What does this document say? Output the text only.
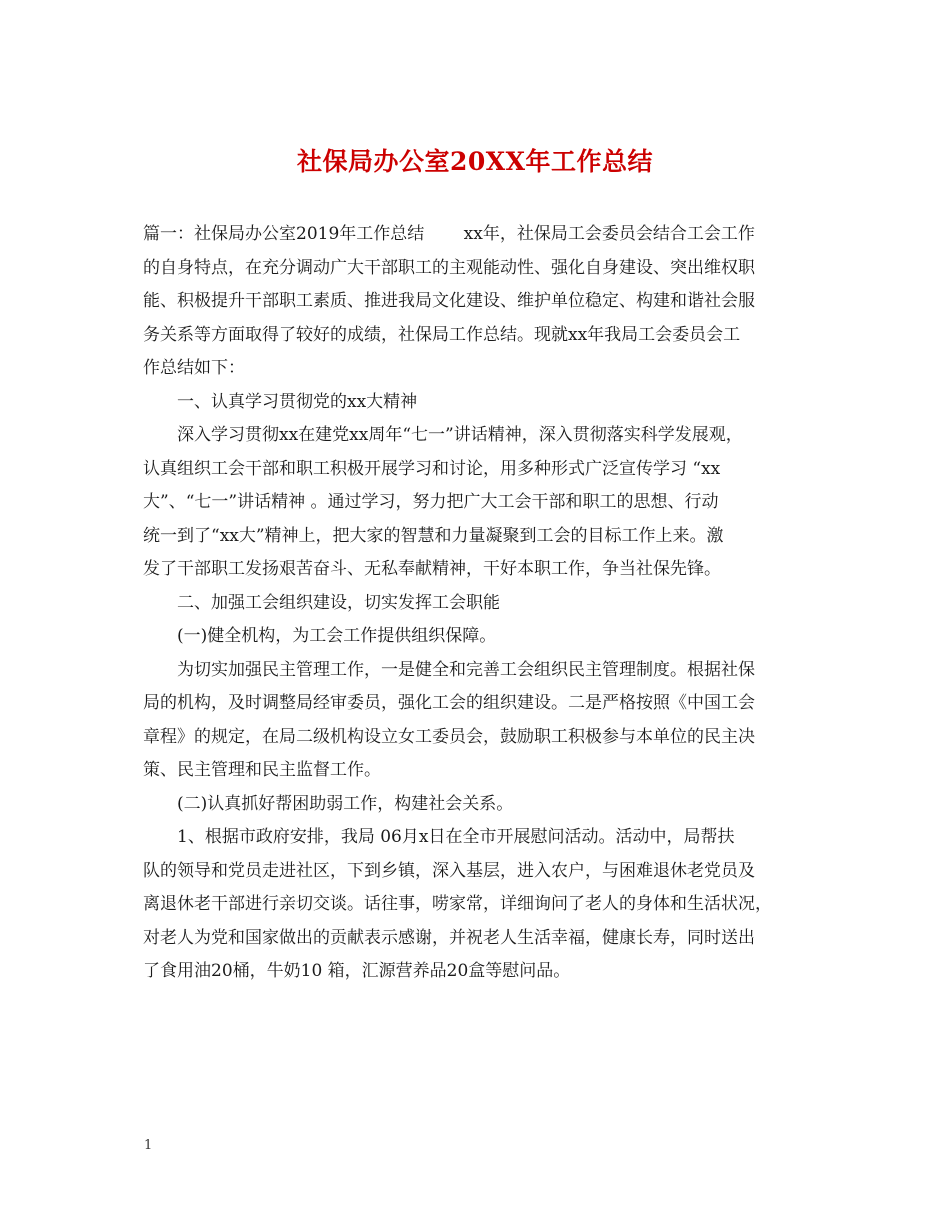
社保局办公室20XX年工作总结
篇一：社保局办公室2019年工作总结　　 xx年，社保局工会委员会结合工会工作
的自身特点，在充分调动广大干部职工的主观能动性、强化自身建设、突出维权职
能、积极提升干部职工素质、推进我局文化建设、维护单位稳定、构建和谐社会服
务关系等方面取得了较好的成绩，社保局工作总结。现就xx年我局工会委员会工
作总结如下：
一、认真学习贯彻党的xx大精神
深入学习贯彻xx在建党xx周年“七一”讲话精神，深入贯彻落实科学发展观，
认真组织工会干部和职工积极开展学习和讨论，用多种形式广泛宣传学习 “xx
大”、“七一”讲话精神 。通过学习，努力把广大工会干部和职工的思想、行动
统一到了“xx大”精神上，把大家的智慧和力量凝聚到工会的目标工作上来。激
发了干部职工发扬艰苦奋斗、无私奉献精神，干好本职工作，争当社保先锋。
二、加强工会组织建设，切实发挥工会职能
(一)健全机构，为工会工作提供组织保障。
为切实加强民主管理工作，一是健全和完善工会组织民主管理制度。根据社保
局的机构，及时调整局经审委员，强化工会的组织建设。二是严格按照《中国工会
章程》的规定，在局二级机构设立女工委员会，鼓励职工积极参与本单位的民主决
策、民主管理和民主监督工作。
(二)认真抓好帮困助弱工作，构建社会关系。
1、根据市政府安排，我局 06月x日在全市开展慰问活动。活动中，局帮扶
队的领导和党员走进社区，下到乡镇，深入基层，进入农户，与困难退休老党员及
离退休老干部进行亲切交谈。话往事，唠家常，详细询问了老人的身体和生活状况，
对老人为党和国家做出的贡献表示感谢，并祝老人生活幸福，健康长寿，同时送出
了食用油20桶，牛奶10 箱，汇源营养品20盒等慰问品。
1
